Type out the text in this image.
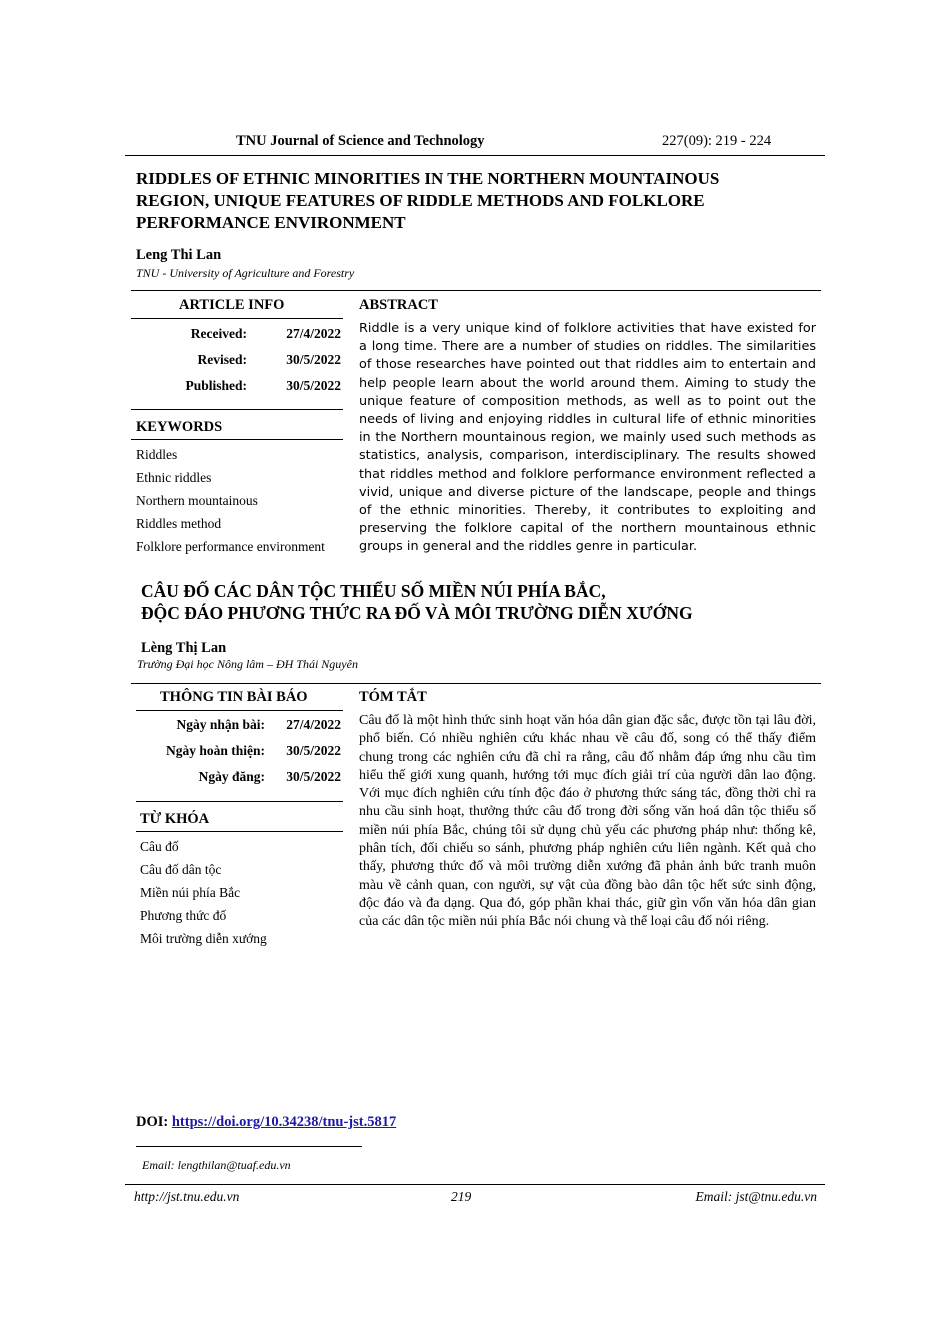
TNU Journal of Science and Technology	227(09): 219 - 224
RIDDLES OF ETHNIC MINORITIES IN THE NORTHERN MOUNTAINOUS
REGION, UNIQUE FEATURES OF RIDDLE METHODS AND FOLKLORE
PERFORMANCE ENVIRONMENT
Leng Thi Lan
TNU - University of Agriculture and Forestry
ARTICLE INFO	ABSTRACT
Received:	27/4/2022
Revised:	30/5/2022
Published:	30/5/2022
KEYWORDS
Riddles
Ethnic riddles
Northern mountainous
Riddles method
Folklore performance environment
Riddle is a very unique kind of folklore activities that have existed for a long time. There are a number of studies on riddles. The similarities of those researches have pointed out that riddles aim to entertain and help people learn about the world around them. Aiming to study the unique feature of composition methods, as well as to point out the needs of living and enjoying riddles in cultural life of ethnic minorities in the Northern mountainous region, we mainly used such methods as statistics, analysis, comparison, interdisciplinary. The results showed that riddles method and folklore performance environment reflected a vivid, unique and diverse picture of the landscape, people and things of the ethnic minorities. Thereby, it contributes to exploiting and preserving the folklore capital of the northern mountainous ethnic groups in general and the riddles genre in particular.
CÂU ĐỐ CÁC DÂN TỘC THIỂU SỐ MIỀN NÚI PHÍA BẮC,
ĐỘC ĐÁO PHƯƠNG THỨC RA ĐỐ VÀ MÔI TRƯỜNG DIỄN XƯỚNG
Lèng Thị Lan
Trường Đại học Nông lâm – ĐH Thái Nguyên
THÔNG TIN BÀI BÁO	TÓM TẮT
Ngày nhận bài:	27/4/2022
Ngày hoàn thiện:	30/5/2022
Ngày đăng:	30/5/2022
TỪ KHÓA
Câu đố
Câu đố dân tộc
Miền núi phía Bắc
Phương thức đố
Môi trường diễn xướng
Câu đố là một hình thức sinh hoạt văn hóa dân gian đặc sắc, được tồn tại lâu đời, phổ biến. Có nhiều nghiên cứu khác nhau về câu đố, song có thể thấy điểm chung trong các nghiên cứu đã chỉ ra rằng, câu đố nhằm đáp ứng nhu cầu tìm hiểu thế giới xung quanh, hướng tới mục đích giải trí của người dân lao động. Với mục đích nghiên cứu tính độc đáo ở phương thức sáng tác, đồng thời chỉ ra nhu cầu sinh hoạt, thưởng thức câu đố trong đời sống văn hoá dân tộc thiểu số miền núi phía Bắc, chúng tôi sử dụng chủ yếu các phương pháp như: thống kê, phân tích, đối chiếu so sánh, phương pháp nghiên cứu liên ngành. Kết quả cho thấy, phương thức đố và môi trường diễn xướng đã phản ảnh bức tranh muôn màu về cảnh quan, con người, sự vật của đồng bào dân tộc hết sức sinh động, độc đáo và đa dạng. Qua đó, góp phần khai thác, giữ gìn vốn văn hóa dân gian của các dân tộc miền núi phía Bắc nói chung và thể loại câu đố nói riêng.
DOI: https://doi.org/10.34238/tnu-jst.5817
Email: lengthilan@tuaf.edu.vn
http://jst.tnu.edu.vn	219	Email: jst@tnu.edu.vn
